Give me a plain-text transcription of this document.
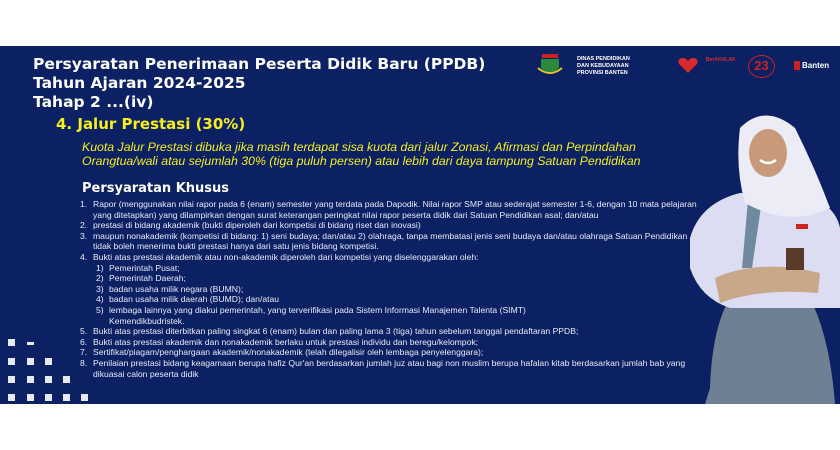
Persyaratan Penerimaan Peserta Didik Baru (PPDB)
Tahun Ajaran 2024-2025
Tahap 2 ...(iv)
4. Jalur Prestasi (30%)
Kuota Jalur Prestasi dibuka jika masih terdapat sisa kuota dari jalur Zonasi, Afirmasi dan Perpindahan Orangtua/wali atau sejumlah 30% (tiga puluh persen) atau lebih dari daya tampung Satuan Pendidikan
DINAS PENDIDIKAN
DAN KEBUDAYAAN
PROVINSI BANTEN
BerAKHLAK	23	Banten
Persyaratan Khusus
1. Rapor (menggunakan nilai rapor pada 6 (enam) semester yang terdata pada Dapodik. Nilai rapor SMP atau sederajat semester 1-6, dengan 10 mata pelajaran yang ditetapkan) yang dilampirkan dengan surat keterangan peringkat nilai rapor peserta didik dari Satuan Pendidikan asal; dan/atau
2. prestasi di bidang akademik (bukti diperoleh dari kompetisi di bidang riset dan inovasi)
3. maupun nonakademik (kompetisi di bidang: 1) seni budaya; dan/atau 2) olahraga, tanpa membatasi jenis seni budaya dan/atau olahraga Satuan Pendidikan tidak boleh menerima bukti prestasi hanya dari satu jenis bidang kompetisi.
4. Bukti atas prestasi akademik atau non-akademik diperoleh dari kompetisi yang diselenggarakan oleh:
1) Pemerintah Pusat;
2) Pemerintah Daerah;
3) badan usaha milik negara (BUMN);
4) badan usaha milik daerah (BUMD); dan/atau
5) lembaga lainnya yang diakui pemerintah, yang terverifikasi pada Sistem Informasi Manajemen Talenta (SIMT) Kemendikbudristek.
5. Bukti atas prestasi diterbitkan paling singkat 6 (enam) bulan dan paling lama 3 (tiga) tahun sebelum tanggal pendaftaran PPDB;
6. Bukti atas prestasi akademik dan nonakademik berlaku untuk prestasi individu dan beregu/kelompok;
7. Sertifikat/piagam/penghargaan akademik/nonakademik (telah dilegalisir oleh lembaga penyelenggara);
8. Penilaian prestasi bidang keagamaan berupa hafiz Qur'an berdasarkan jumlah juz atau bagi non muslim berupa hafalan kitab berdasarkan jumlah bab yang dikuasai calon peserta didik
